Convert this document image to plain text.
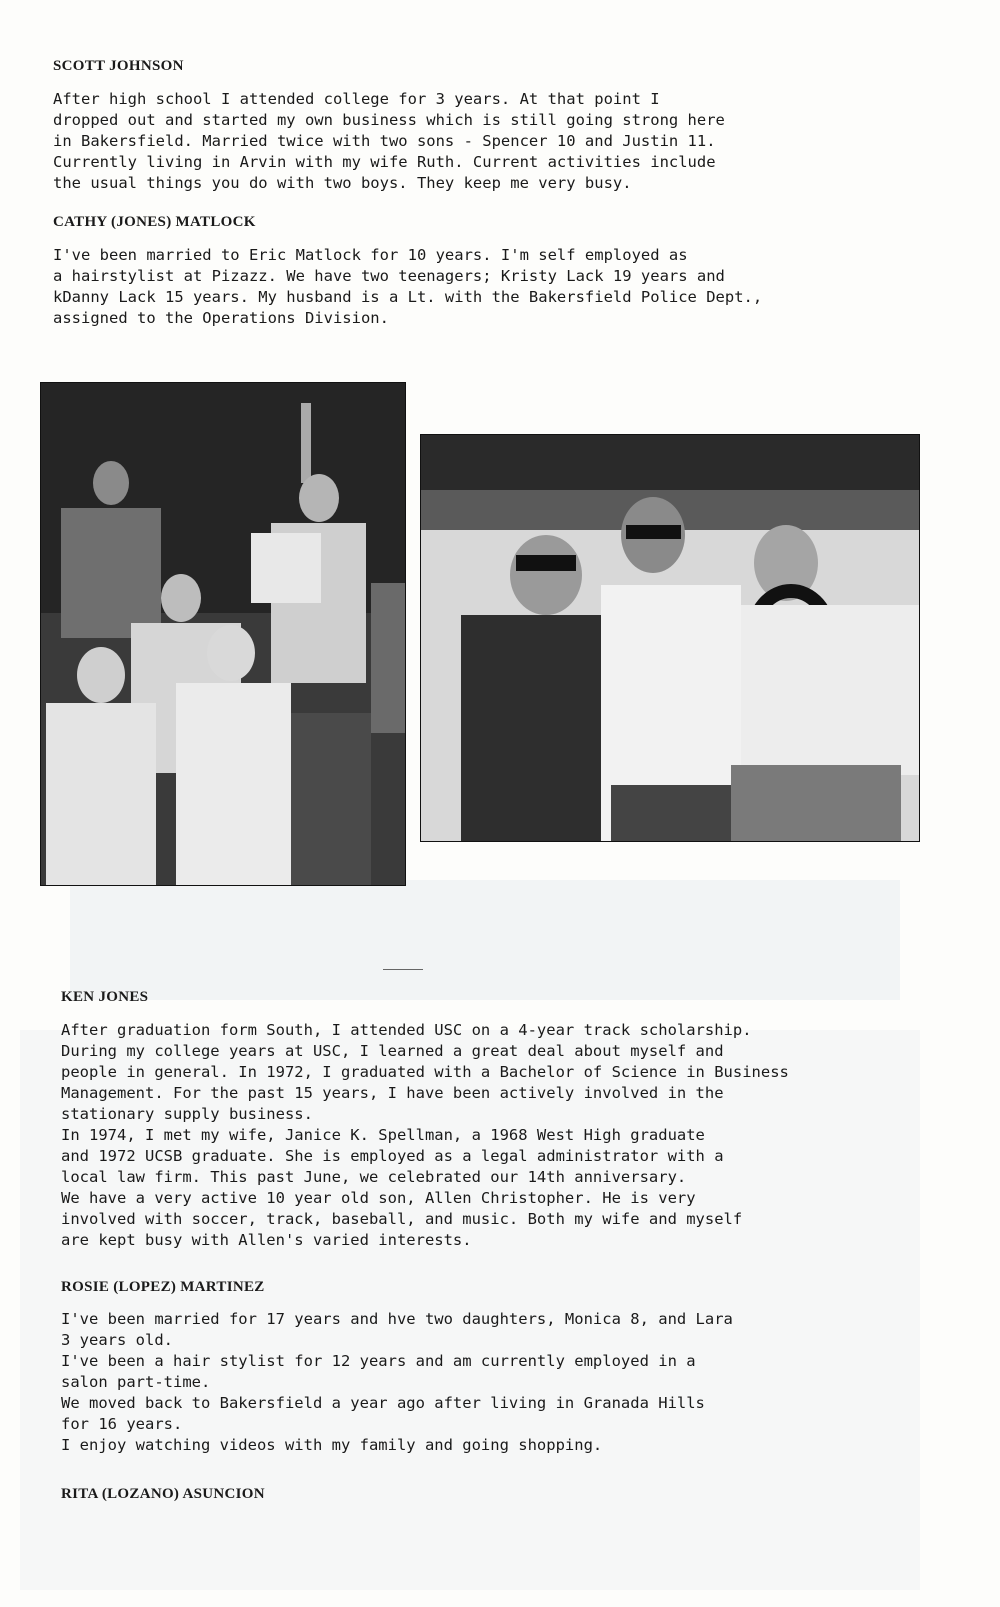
SCOTT JOHNSON

After high school I attended college for 3 years. At that point I
dropped out and started my own business which is still going strong here
in Bakersfield. Married twice with two sons - Spencer 10 and Justin 11.
Currently living in Arvin with my wife Ruth. Current activities include
the usual things you do with two boys. They keep me very busy.

CATHY (JONES) MATLOCK

I've been married to Eric Matlock for 10 years. I'm self employed as
a hairstylist at Pizazz. We have two teenagers; Kristy Lack 19 years and
kDanny Lack 15 years. My husband is a Lt. with the Bakersfield Police Dept.,
assigned to the Operations Division.

KEN JONES

After graduation form South, I attended USC on a 4-year track scholarship.
During my college years at USC, I learned a great deal about myself and
people in general. In 1972, I graduated with a Bachelor of Science in Business
Management. For the past 15 years, I have been actively involved in the
stationary supply business.
In 1974, I met my wife, Janice K. Spellman, a 1968 West High graduate
and 1972 UCSB graduate. She is employed as a legal administrator with a
local law firm. This past June, we celebrated our 14th anniversary.
We have a very active 10 year old son, Allen Christopher. He is very
involved with soccer, track, baseball, and music. Both my wife and myself
are kept busy with Allen's varied interests.

ROSIE (LOPEZ) MARTINEZ

I've been married for 17 years and hve two daughters, Monica 8, and Lara
3 years old.
I've been a hair stylist for 12 years and am currently employed in a
salon part-time.
We moved back to Bakersfield a year ago after living in Granada Hills
for 16 years.
I enjoy watching videos with my family and going shopping.

RITA (LOZANO) ASUNCION
